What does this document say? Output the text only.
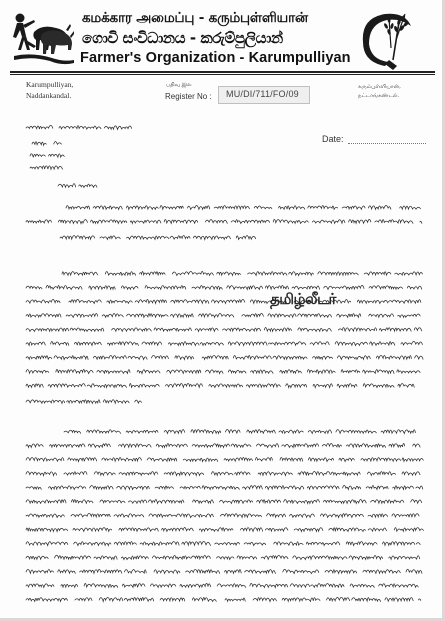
கமக்கார அமைப்பு - கரும்புள்ளியான்
ගොවි සංවිධානය - කරුම්පුලියාන්
Farmer's Organization - Karumpulliyan
Karumpulliyan,
Naddankandal.
பதிவு இல
Register No : MU/DI/711/FO/09
கரும்புள்ளியான்,
நட்டாங்கண்டல்.
Date:
தமிழ்லீடர்
